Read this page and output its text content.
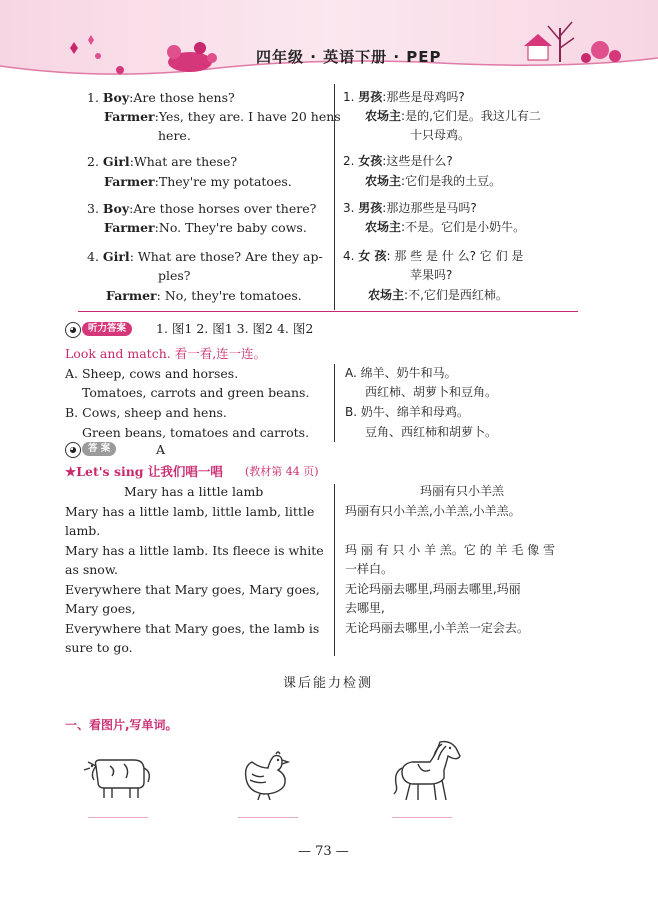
四年级 · 英语下册 · PEP
1. Boy:Are those hens?
Farmer:Yes, they are. I have 20 hens
here.
2. Girl:What are these?
Farmer:They're my potatoes.
3. Boy:Are those horses over there?
Farmer:No. They're baby cows.
4. Girl: What are those? Are they ap-
ples?
Farmer: No, they're tomatoes.
1. 男孩:那些是母鸡吗?
农场主:是的,它们是。我这儿有二
十只母鸡。
2. 女孩:这些是什么?
农场主:它们是我的土豆。
3. 男孩:那边那些是马吗?
农场主:不是。它们是小奶牛。
4. 女 孩: 那 些 是 什 么? 它 们 是
苹果吗?
农场主:不,它们是西红柿。
◕	听力答案	1. 图1 2. 图1 3. 图2 4. 图2
Look and match. 看一看,连一连。
A. Sheep, cows and horses.
Tomatoes, carrots and green beans.
B. Cows, sheep and hens.
Green beans, tomatoes and carrots.
A. 绵羊、奶牛和马。
西红柿、胡萝卜和豆角。
B. 奶牛、绵羊和母鸡。
豆角、西红柿和胡萝卜。
◕	答 案	A
★Let's sing 让我们唱一唱 (教材第 44 页)
Mary has a little lamb	玛丽有只小羊羔
Mary has a little lamb, little lamb, little
lamb.
Mary has a little lamb. Its fleece is white
as snow.
Everywhere that Mary goes, Mary goes,
Mary goes,
Everywhere that Mary goes, the lamb is
sure to go.
玛丽有只小羊羔,小羊羔,小羊羔。
玛 丽 有 只 小 羊 羔。它 的 羊 毛 像 雪
一样白。
无论玛丽去哪里,玛丽去哪里,玛丽
去哪里,
无论玛丽去哪里,小羊羔一定会去。
课后能力检测
一、看图片,写单词。
— 73 —
